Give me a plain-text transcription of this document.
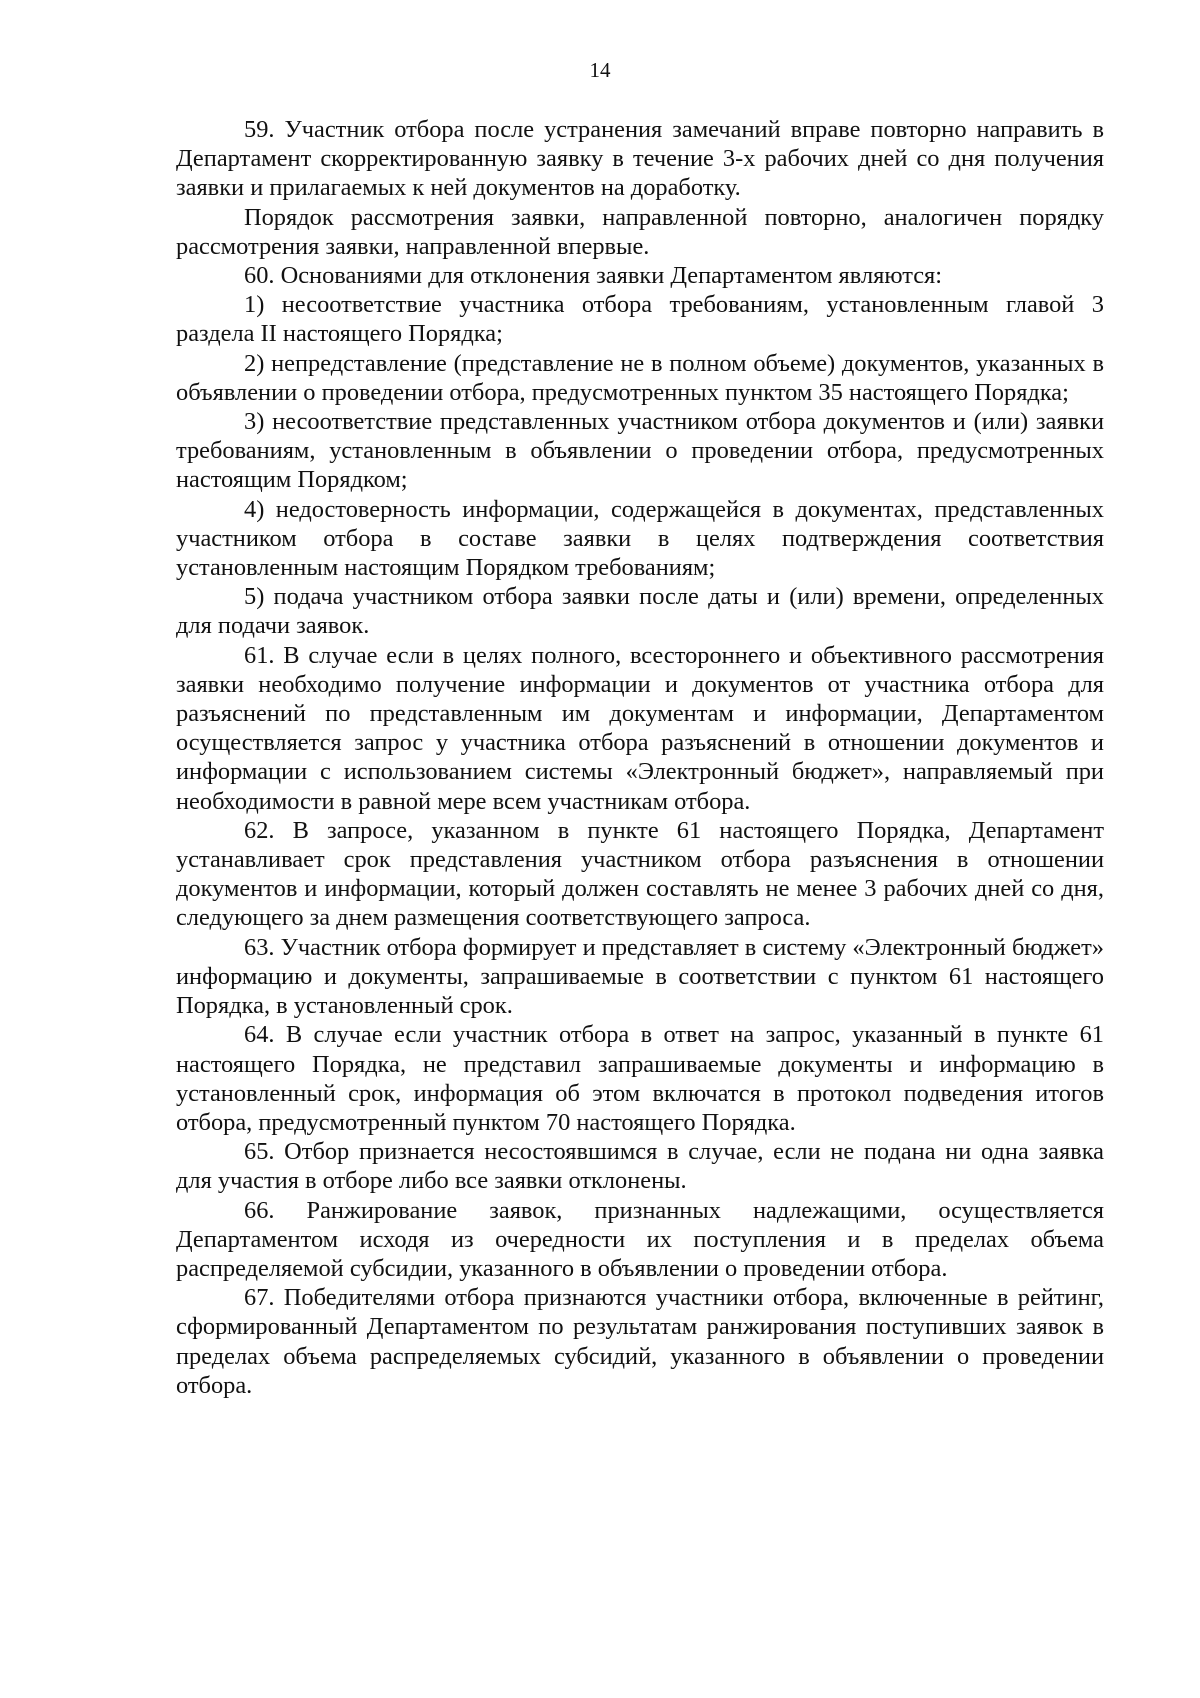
14

59. Участник отбора после устранения замечаний вправе повторно направить в Департамент скорректированную заявку в течение 3-х рабочих дней со дня получения заявки и прилагаемых к ней документов на доработку.

Порядок рассмотрения заявки, направленной повторно, аналогичен порядку рассмотрения заявки, направленной впервые.

60. Основаниями для отклонения заявки Департаментом являются:

1) несоответствие участника отбора требованиям, установленным главой 3 раздела II настоящего Порядка;

2) непредставление (представление не в полном объеме) документов, указанных в объявлении о проведении отбора, предусмотренных пунктом 35 настоящего Порядка;

3) несоответствие представленных участником отбора документов и (или) заявки требованиям, установленным в объявлении о проведении отбора, предусмотренных настоящим Порядком;

4) недостоверность информации, содержащейся в документах, представленных участником отбора в составе заявки в целях подтверждения соответствия установленным настоящим Порядком требованиям;

5) подача участником отбора заявки после даты и (или) времени, определенных для подачи заявок.

61. В случае если в целях полного, всестороннего и объективного рассмотрения заявки необходимо получение информации и документов от участника отбора для разъяснений по представленным им документам и информации, Департаментом осуществляется запрос у участника отбора разъяснений в отношении документов и информации с использованием системы «Электронный бюджет», направляемый при необходимости в равной мере всем участникам отбора.

62. В запросе, указанном в пункте 61 настоящего Порядка, Департамент устанавливает срок представления участником отбора разъяснения в отношении документов и информации, который должен составлять не менее 3 рабочих дней со дня, следующего за днем размещения соответствующего запроса.

63. Участник отбора формирует и представляет в систему «Электронный бюджет» информацию и документы, запрашиваемые в соответствии с пунктом 61 настоящего Порядка, в установленный срок.

64. В случае если участник отбора в ответ на запрос, указанный в пункте 61 настоящего Порядка, не представил запрашиваемые документы и информацию в установленный срок, информация об этом включатся в протокол подведения итогов отбора, предусмотренный пунктом 70 настоящего Порядка.

65. Отбор признается несостоявшимся в случае, если не подана ни одна заявка для участия в отборе либо все заявки отклонены.

66. Ранжирование заявок, признанных надлежащими, осуществляется Департаментом исходя из очередности их поступления и в пределах объема распределяемой субсидии, указанного в объявлении о проведении отбора.

67. Победителями отбора признаются участники отбора, включенные в рейтинг, сформированный Департаментом по результатам ранжирования поступивших заявок в пределах объема распределяемых субсидий, указанного в объявлении о проведении отбора.
